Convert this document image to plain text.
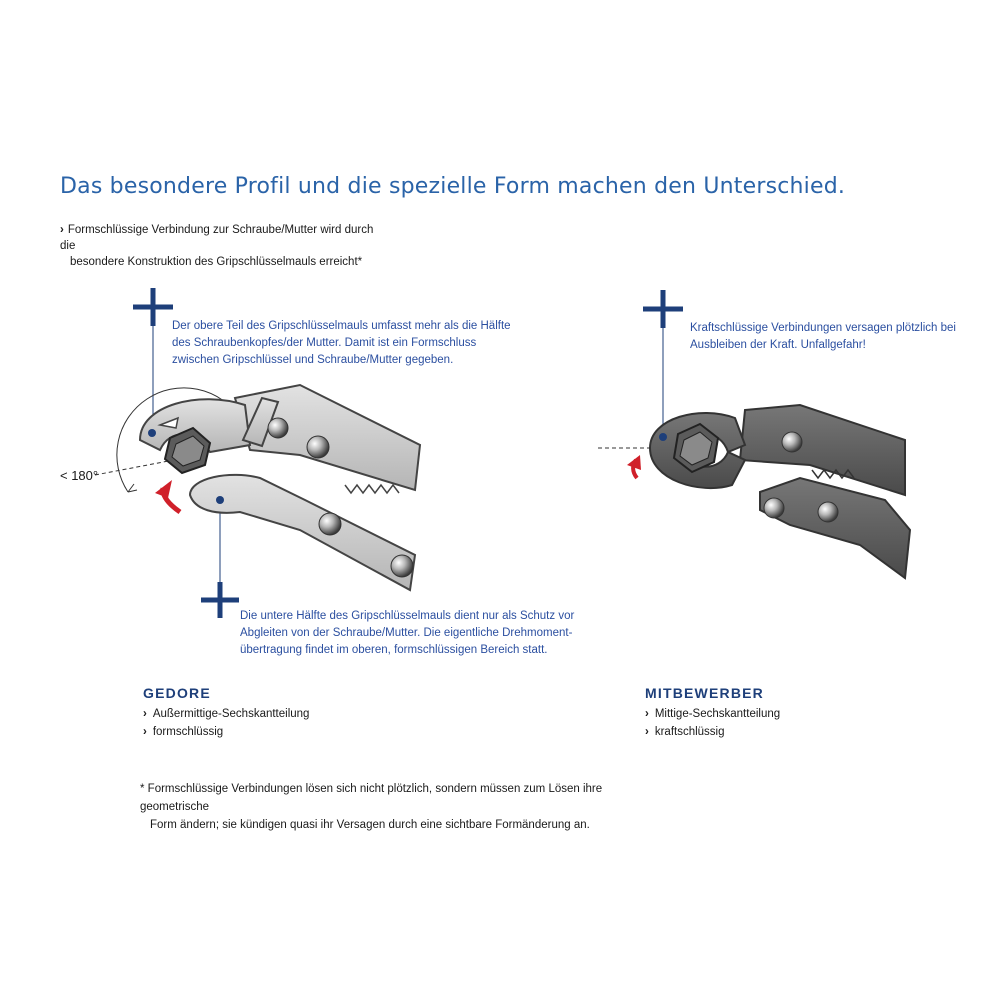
Das besondere Profil und die spezielle Form machen den Unterschied.
› Formschlüssige Verbindung zur Schraube/Mutter wird durch die
besondere Konstruktion des Gripschlüsselmauls erreicht*
< 180°
Der obere Teil des Gripschlüsselmauls umfasst mehr als die Hälfte
des Schraubenkopfes/der Mutter. Damit ist ein Formschluss
zwischen Gripschlüssel und Schraube/Mutter gegeben.
Die untere Hälfte des Gripschlüsselmauls dient nur als Schutz vor
Abgleiten von der Schraube/Mutter. Die eigentliche Drehmoment-
übertragung findet im oberen, formschlüssigen Bereich statt.
Kraftschlüssige Verbindungen versagen plötzlich bei
Ausbleiben der Kraft. Unfallgefahr!
GEDORE
› Außermittige-Sechskantteilung
› formschlüssig
MITBEWERBER
› Mittige-Sechskantteilung
› kraftschlüssig
* Formschlüssige Verbindungen lösen sich nicht plötzlich, sondern müssen zum Lösen ihre geometrische
Form ändern; sie kündigen quasi ihr Versagen durch eine sichtbare Formänderung an.
